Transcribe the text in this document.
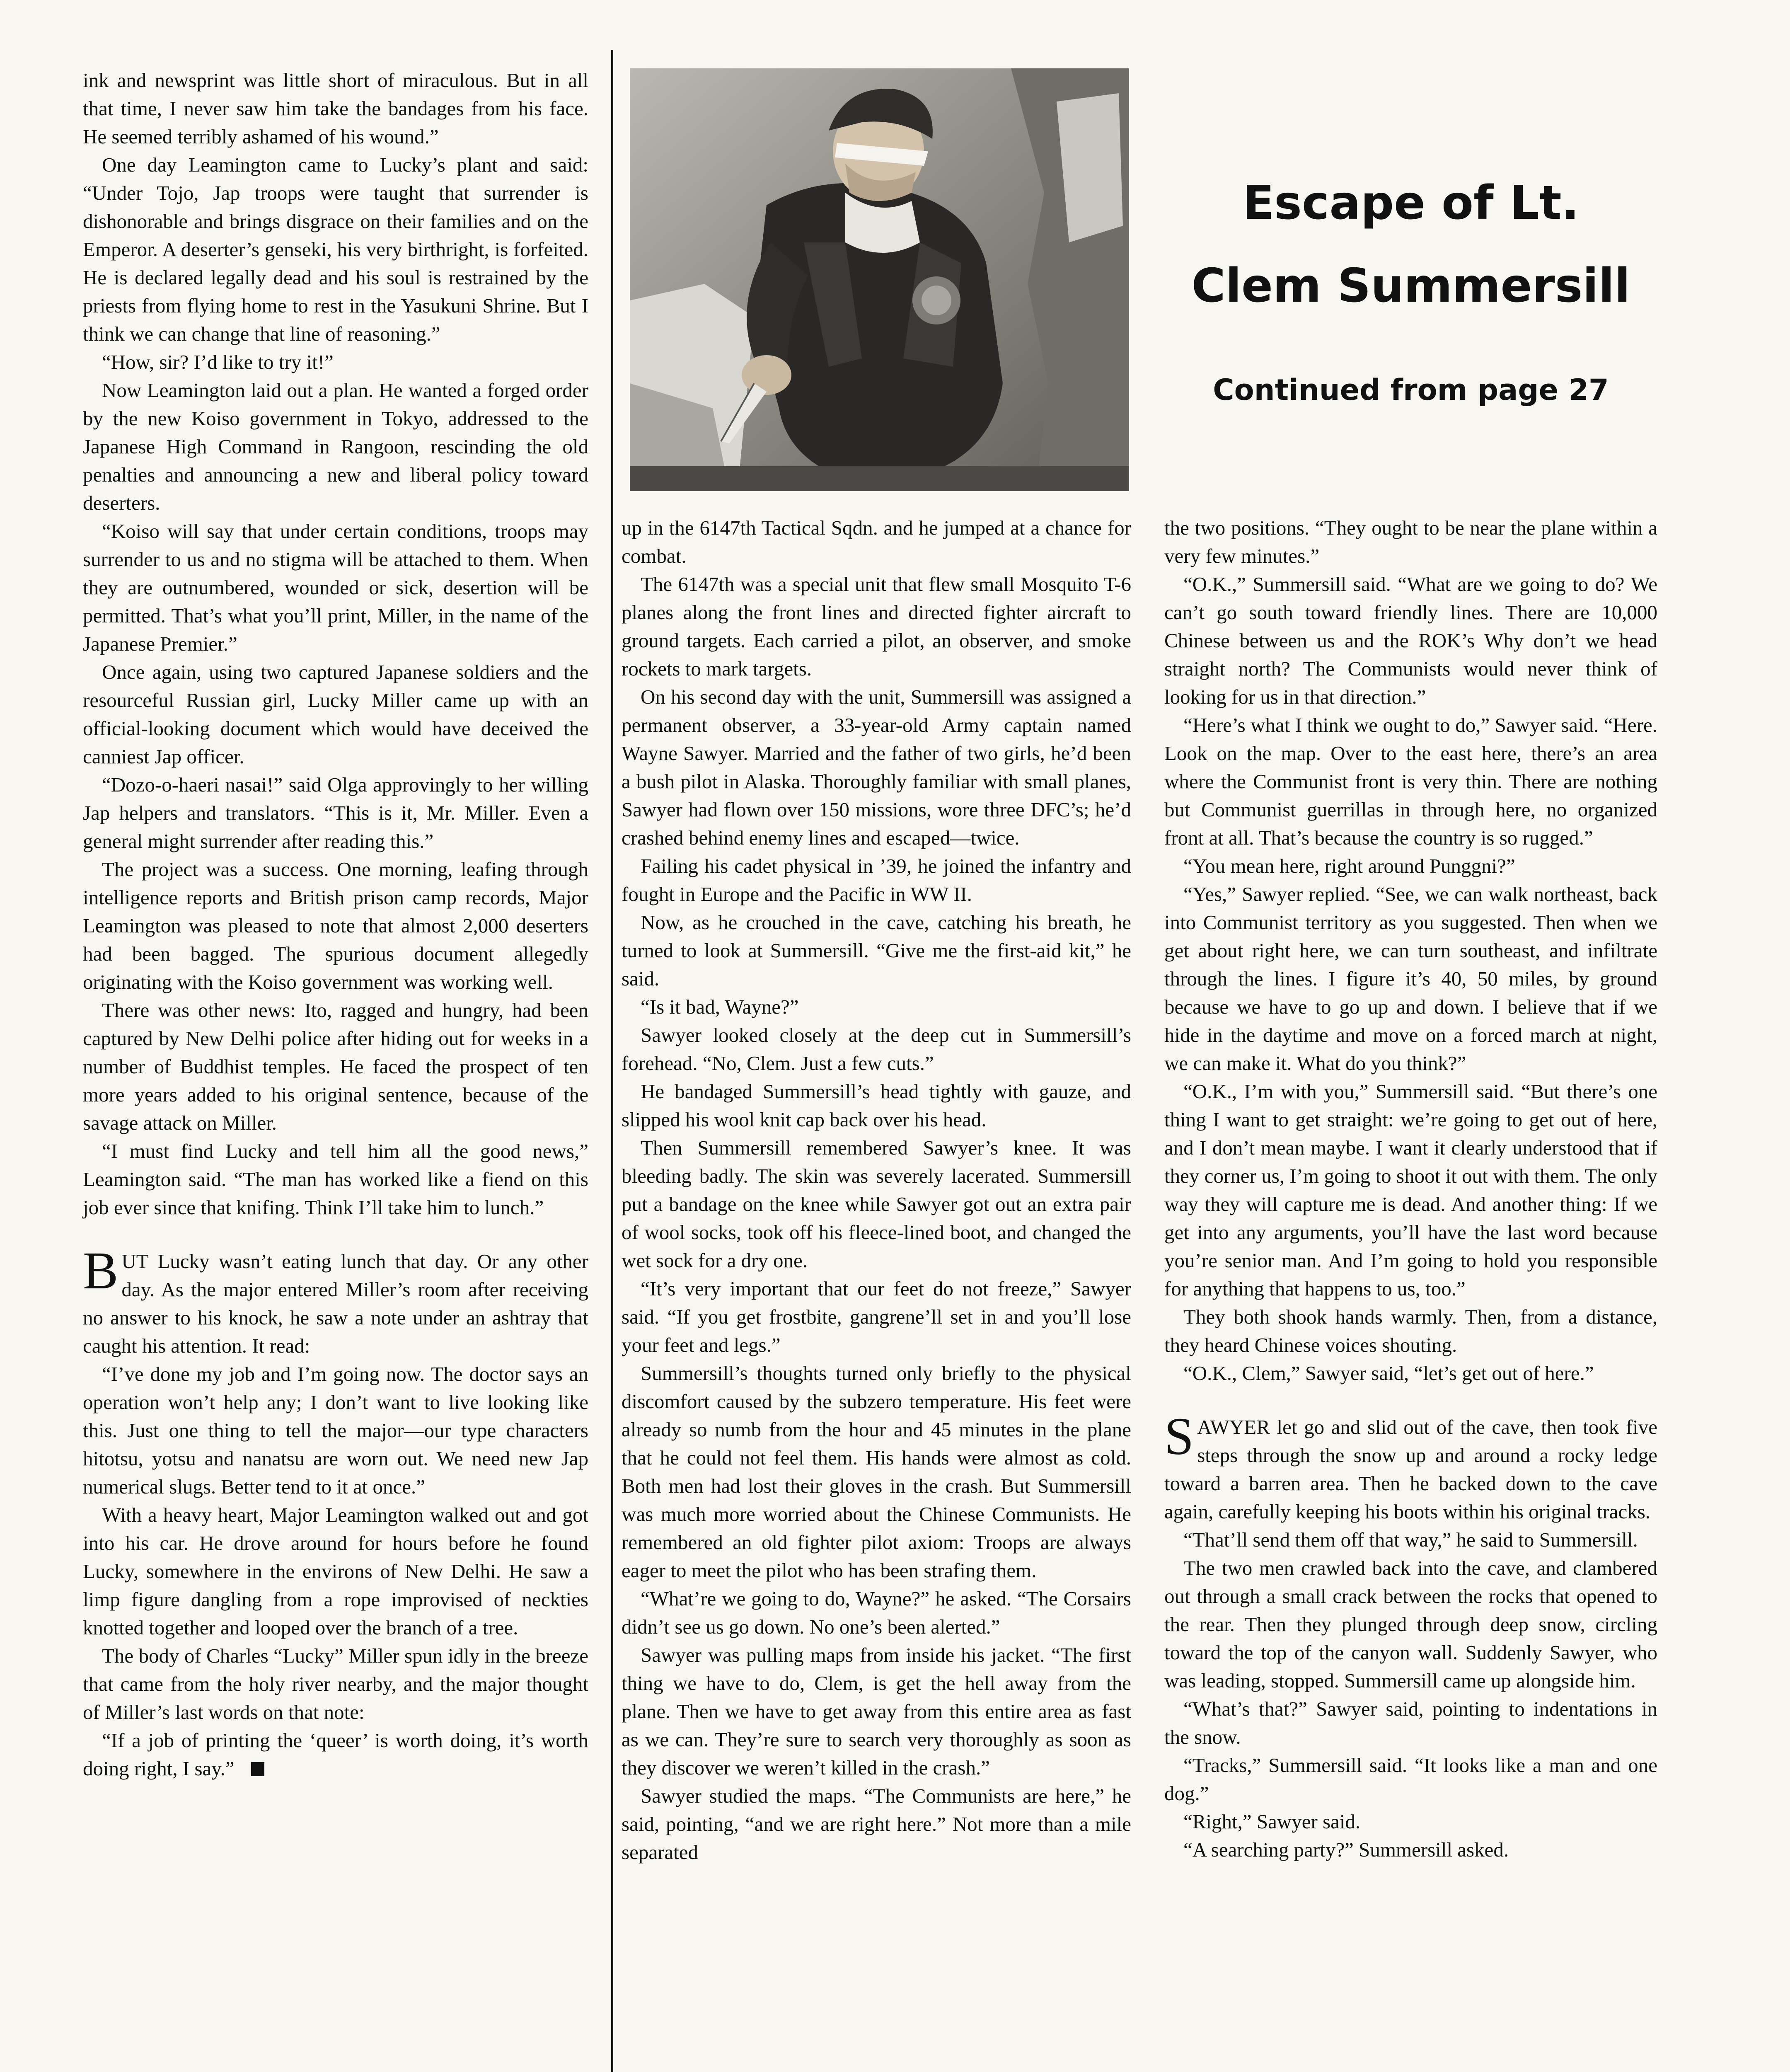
ink and newsprint was little short of miraculous. But in all that time, I never saw him take the bandages from his face. He seemed terribly ashamed of his wound.”

One day Leamington came to Lucky’s plant and said: “Under Tojo, Jap troops were taught that surrender is dishonorable and brings disgrace on their families and on the Emperor. A deserter’s genseki, his very birthright, is forfeited. He is declared legally dead and his soul is restrained by the priests from flying home to rest in the Yasukuni Shrine. But I think we can change that line of reasoning.”

“How, sir? I’d like to try it!”

Now Leamington laid out a plan. He wanted a forged order by the new Koiso government in Tokyo, addressed to the Japanese High Command in Rangoon, rescinding the old penalties and announcing a new and liberal policy toward deserters.

“Koiso will say that under certain conditions, troops may surrender to us and no stigma will be attached to them. When they are outnumbered, wounded or sick, desertion will be permitted. That’s what you’ll print, Miller, in the name of the Japanese Premier.”

Once again, using two captured Japanese soldiers and the resourceful Russian girl, Lucky Miller came up with an official-looking document which would have deceived the canniest Jap officer.

“Dozo-o-haeri nasai!” said Olga approvingly to her willing Jap helpers and translators. “This is it, Mr. Miller. Even a general might surrender after reading this.”

The project was a success. One morning, leafing through intelligence reports and British prison camp records, Major Leamington was pleased to note that almost 2,000 deserters had been bagged. The spurious document allegedly originating with the Koiso government was working well.

There was other news: Ito, ragged and hungry, had been captured by New Delhi police after hiding out for weeks in a number of Buddhist temples. He faced the prospect of ten more years added to his original sentence, because of the savage attack on Miller.

“I must find Lucky and tell him all the good news,” Leamington said. “The man has worked like a fiend on this job ever since that knifing. Think I’ll take him to lunch.”

BUT Lucky wasn’t eating lunch that day. Or any other day. As the major entered Miller’s room after receiving no answer to his knock, he saw a note under an ashtray that caught his attention. It read:

“I’ve done my job and I’m going now. The doctor says an operation won’t help any; I don’t want to live looking like this. Just one thing to tell the major—our type characters hitotsu, yotsu and nanatsu are worn out. We need new Jap numerical slugs. Better tend to it at once.”

With a heavy heart, Major Leamington walked out and got into his car. He drove around for hours before he found Lucky, somewhere in the environs of New Delhi. He saw a limp figure dangling from a rope improvised of neckties knotted together and looped over the branch of a tree.

The body of Charles “Lucky” Miller spun idly in the breeze that came from the holy river nearby, and the major thought of Miller’s last words on that note:

“If a job of printing the ‘queer’ is worth doing, it’s worth doing right, I say.”

up in the 6147th Tactical Sqdn. and he jumped at a chance for combat.

The 6147th was a special unit that flew small Mosquito T-6 planes along the front lines and directed fighter aircraft to ground targets. Each carried a pilot, an observer, and smoke rockets to mark targets.

On his second day with the unit, Summersill was assigned a permanent observer, a 33-year-old Army captain named Wayne Sawyer. Married and the father of two girls, he’d been a bush pilot in Alaska. Thoroughly familiar with small planes, Sawyer had flown over 150 missions, wore three DFC’s; he’d crashed behind enemy lines and escaped—twice.

Failing his cadet physical in ’39, he joined the infantry and fought in Europe and the Pacific in WW II.

Now, as he crouched in the cave, catching his breath, he turned to look at Summersill. “Give me the first-aid kit,” he said.

“Is it bad, Wayne?”

Sawyer looked closely at the deep cut in Summersill’s forehead. “No, Clem. Just a few cuts.”

He bandaged Summersill’s head tightly with gauze, and slipped his wool knit cap back over his head.

Then Summersill remembered Sawyer’s knee. It was bleeding badly. The skin was severely lacerated. Summersill put a bandage on the knee while Sawyer got out an extra pair of wool socks, took off his fleece-lined boot, and changed the wet sock for a dry one.

“It’s very important that our feet do not freeze,” Sawyer said. “If you get frostbite, gangrene’ll set in and you’ll lose your feet and legs.”

Summersill’s thoughts turned only briefly to the physical discomfort caused by the subzero temperature. His feet were already so numb from the hour and 45 minutes in the plane that he could not feel them. His hands were almost as cold. Both men had lost their gloves in the crash. But Summersill was much more worried about the Chinese Communists. He remembered an old fighter pilot axiom: Troops are always eager to meet the pilot who has been strafing them.

“What’re we going to do, Wayne?” he asked. “The Corsairs didn’t see us go down. No one’s been alerted.”

Sawyer was pulling maps from inside his jacket. “The first thing we have to do, Clem, is get the hell away from the plane. Then we have to get away from this entire area as fast as we can. They’re sure to search very thoroughly as soon as they discover we weren’t killed in the crash.”

Sawyer studied the maps. “The Communists are here,” he said, pointing, “and we are right here.” Not more than a mile separated

Escape of Lt.
Clem Summersill
Continued from page 27

the two positions. “They ought to be near the plane within a very few minutes.”

“O.K.,” Summersill said. “What are we going to do? We can’t go south toward friendly lines. There are 10,000 Chinese between us and the ROK’s Why don’t we head straight north? The Communists would never think of looking for us in that direction.”

“Here’s what I think we ought to do,” Sawyer said. “Here. Look on the map. Over to the east here, there’s an area where the Communist front is very thin. There are nothing but Communist guerrillas in through here, no organized front at all. That’s because the country is so rugged.”

“You mean here, right around Punggni?”

“Yes,” Sawyer replied. “See, we can walk northeast, back into Communist territory as you suggested. Then when we get about right here, we can turn southeast, and infiltrate through the lines. I figure it’s 40, 50 miles, by ground because we have to go up and down. I believe that if we hide in the daytime and move on a forced march at night, we can make it. What do you think?”

“O.K., I’m with you,” Summersill said. “But there’s one thing I want to get straight: we’re going to get out of here, and I don’t mean maybe. I want it clearly understood that if they corner us, I’m going to shoot it out with them. The only way they will capture me is dead. And another thing: If we get into any arguments, you’ll have the last word because you’re senior man. And I’m going to hold you responsible for anything that happens to us, too.”

They both shook hands warmly. Then, from a distance, they heard Chinese voices shouting.

“O.K., Clem,” Sawyer said, “let’s get out of here.”

SAWYER let go and slid out of the cave, then took five steps through the snow up and around a rocky ledge toward a barren area. Then he backed down to the cave again, carefully keeping his boots within his original tracks.

“That’ll send them off that way,” he said to Summersill.

The two men crawled back into the cave, and clambered out through a small crack between the rocks that opened to the rear. Then they plunged through deep snow, circling toward the top of the canyon wall. Suddenly Sawyer, who was leading, stopped. Summersill came up alongside him.

“What’s that?” Sawyer said, pointing to indentations in the snow.

“Tracks,” Summersill said. “It looks like a man and one dog.”

“Right,” Sawyer said.

“A searching party?” Summersill asked.
